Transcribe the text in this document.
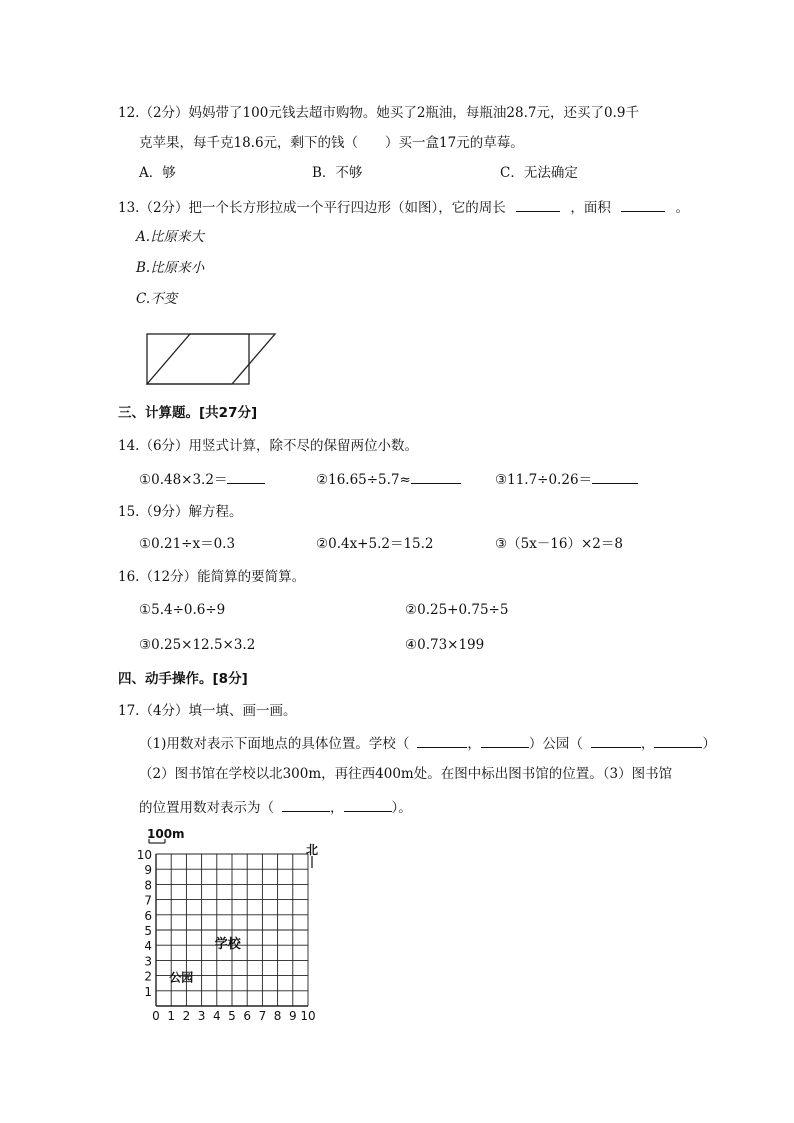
12.（2分）妈妈带了100元钱去超市购物。她买了2瓶油，每瓶油28.7元，还买了0.9千
克苹果，每千克18.6元，剩下的钱（　　）买一盒17元的草莓。
A．够	B．不够	C．无法确定
13.（2分）把一个长方形拉成一个平行四边形（如图），它的周长	，面积	。
A.比原来大
B.比原来小
C.不变
三、计算题。[共27分]
14.（6分）用竖式计算，除不尽的保留两位小数。
①0.48×3.2＝	②16.65÷5.7≈	③11.7÷0.26＝
15.（9分）解方程。
①0.21÷x＝0.3	②0.4x+5.2＝15.2	③（5x－16）×2＝8
16.（12分）能简算的要简算。
①5.4÷0.6÷9	②0.25+0.75÷5
③0.25×12.5×3.2	④0.73×199
四、动手操作。[8分]
17.（4分）填一填、画一画。
（1)用数对表示下面地点的具体位置。学校（	，	）公园（	，	）
（2）图书馆在学校以北300m，再往西400m处。在图中标出图书馆的位置。（3）图书馆
的位置用数对表示为（	，	）。
100m
北
0 1 2 3 4 5 6 7 8 9 10
1
2
3
4
5
6
7
8
9
10
学校
公园
